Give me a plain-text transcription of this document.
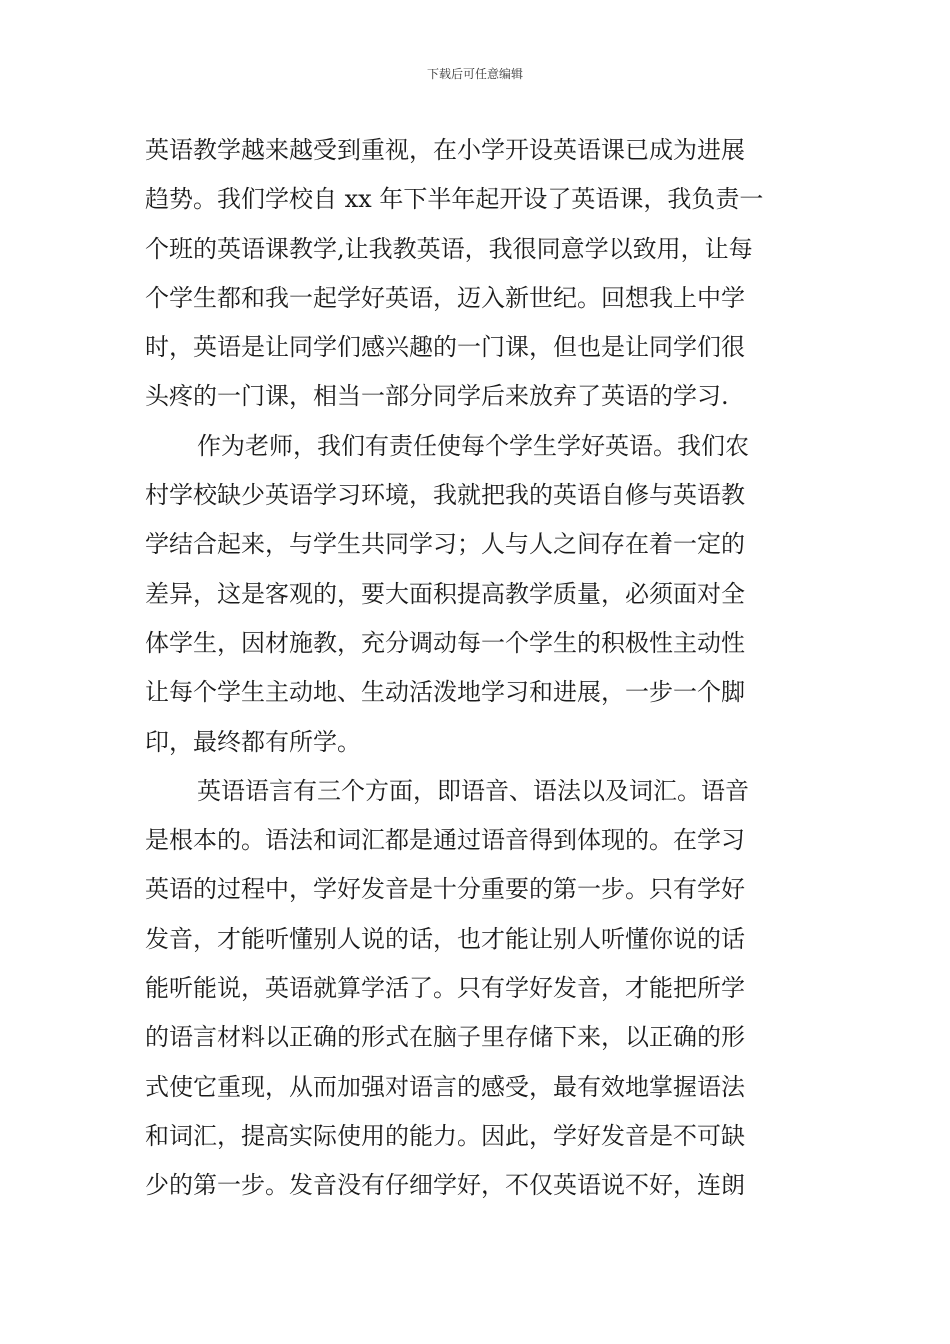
下载后可任意编辑
英语教学越来越受到重视，在小学开设英语课已成为进展
趋势。我们学校自 xx 年下半年起开设了英语课，我负责一
个班的英语课教学,让我教英语，我很同意学以致用，让每
个学生都和我一起学好英语，迈入新世纪。回想我上中学
时，英语是让同学们感兴趣的一门课，但也是让同学们很
头疼的一门课，相当一部分同学后来放弃了英语的学习.
作为老师，我们有责任使每个学生学好英语。我们农
村学校缺少英语学习环境，我就把我的英语自修与英语教
学结合起来，与学生共同学习；人与人之间存在着一定的
差异，这是客观的，要大面积提高教学质量，必须面对全
体学生，因材施教，充分调动每一个学生的积极性主动性
让每个学生主动地、生动活泼地学习和进展，一步一个脚
印，最终都有所学。
英语语言有三个方面，即语音、语法以及词汇。语音
是根本的。语法和词汇都是通过语音得到体现的。在学习
英语的过程中，学好发音是十分重要的第一步。只有学好
发音，才能听懂别人说的话，也才能让别人听懂你说的话
能听能说，英语就算学活了。只有学好发音，才能把所学
的语言材料以正确的形式在脑子里存储下来，以正确的形
式使它重现，从而加强对语言的感受，最有效地掌握语法
和词汇，提高实际使用的能力。因此，学好发音是不可缺
少的第一步。发音没有仔细学好，不仅英语说不好，连朗
